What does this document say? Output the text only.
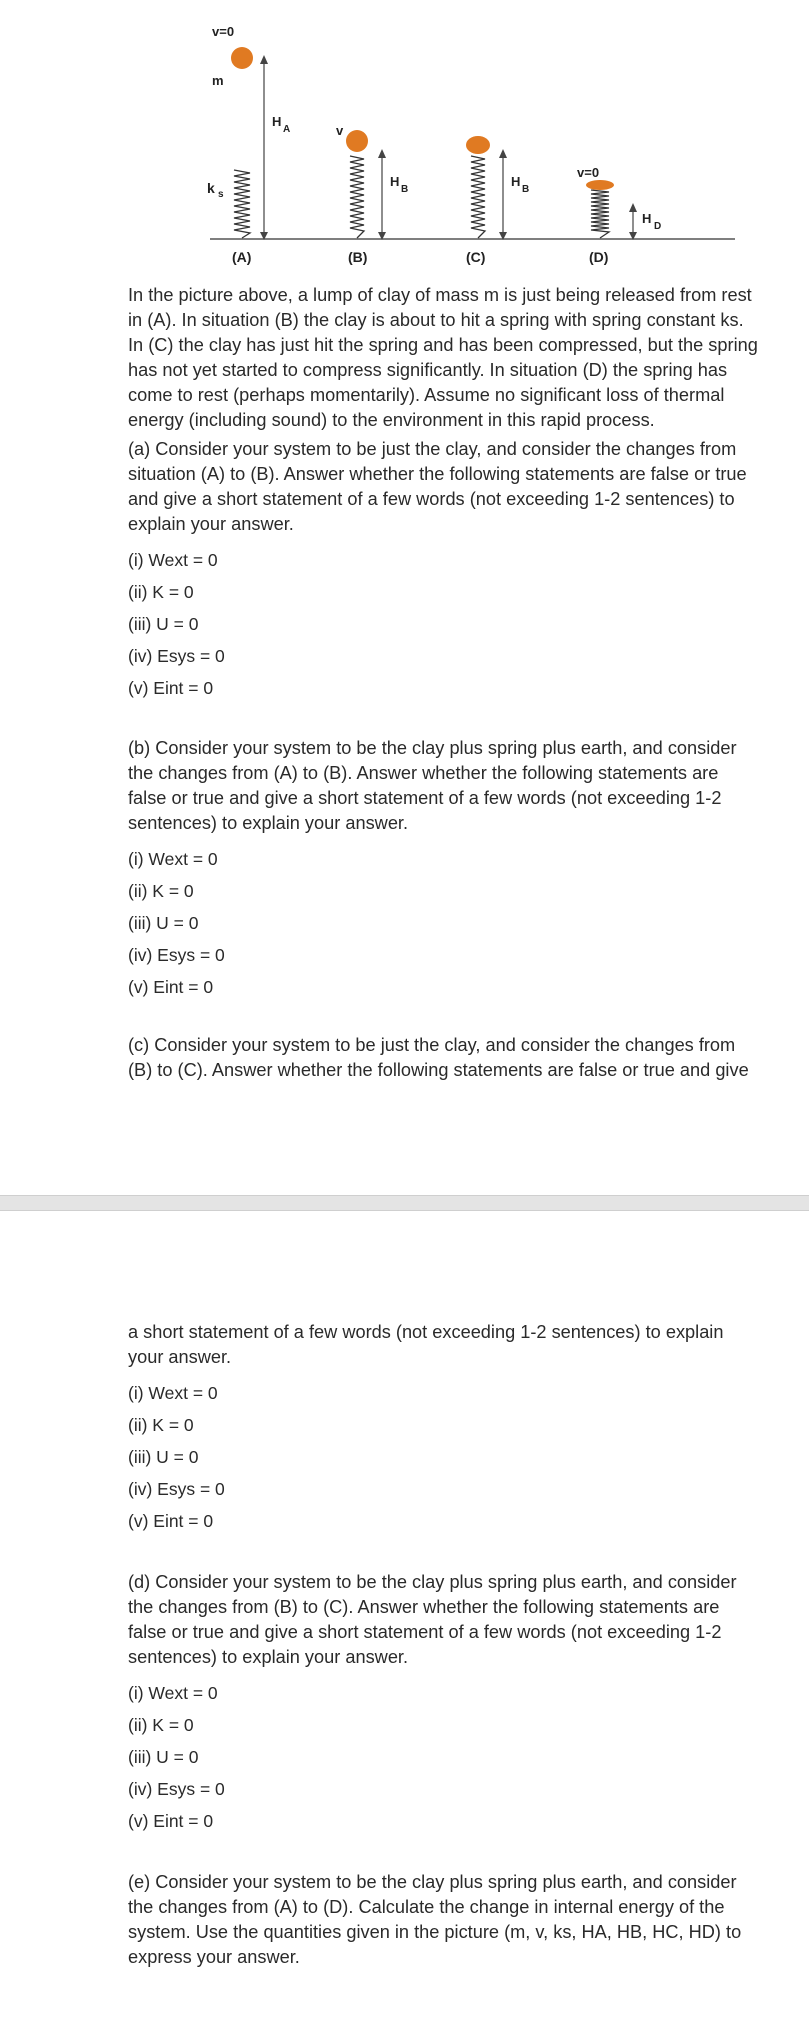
v=0
m
k s
H
A
(A)
v
H
B
(B)
H
B
(C)
v=0
H
D
(D)

In the picture above, a lump of clay of mass m is just being released from rest in (A). In situation (B) the clay is about to hit a spring with spring constant ks. In (C) the clay has just hit the spring and has been compressed, but the spring has not yet started to compress significantly. In situation (D) the spring has come to rest (perhaps momentarily). Assume no significant loss of thermal energy (including sound) to the environment in this rapid process.

(a) Consider your system to be just the clay, and consider the changes from situation (A) to (B). Answer whether the following statements are false or true and give a short statement of a few words (not exceeding 1-2 sentences) to explain your answer.

(i) Wext = 0
(ii) K = 0
(iii) U = 0
(iv) Esys = 0
(v) Eint = 0

(b) Consider your system to be the clay plus spring plus earth, and consider the changes from (A) to (B). Answer whether the following statements are false or true and give a short statement of a few words (not exceeding 1-2 sentences) to explain your answer.

(i) Wext = 0
(ii) K = 0
(iii) U = 0
(iv) Esys = 0
(v) Eint = 0

(c) Consider your system to be just the clay, and consider the changes from (B) to (C). Answer whether the following statements are false or true and give

a short statement of a few words (not exceeding 1-2 sentences) to explain your answer.

(i) Wext = 0
(ii) K = 0
(iii) U = 0
(iv) Esys = 0
(v) Eint = 0

(d) Consider your system to be the clay plus spring plus earth, and consider the changes from (B) to (C). Answer whether the following statements are false or true and give a short statement of a few words (not exceeding 1-2 sentences) to explain your answer.

(i) Wext = 0
(ii) K = 0
(iii) U = 0
(iv) Esys = 0
(v) Eint = 0

(e) Consider your system to be the clay plus spring plus earth, and consider the changes from (A) to (D). Calculate the change in internal energy of the system. Use the quantities given in the picture (m, v, ks, HA, HB, HC, HD) to express your answer.
